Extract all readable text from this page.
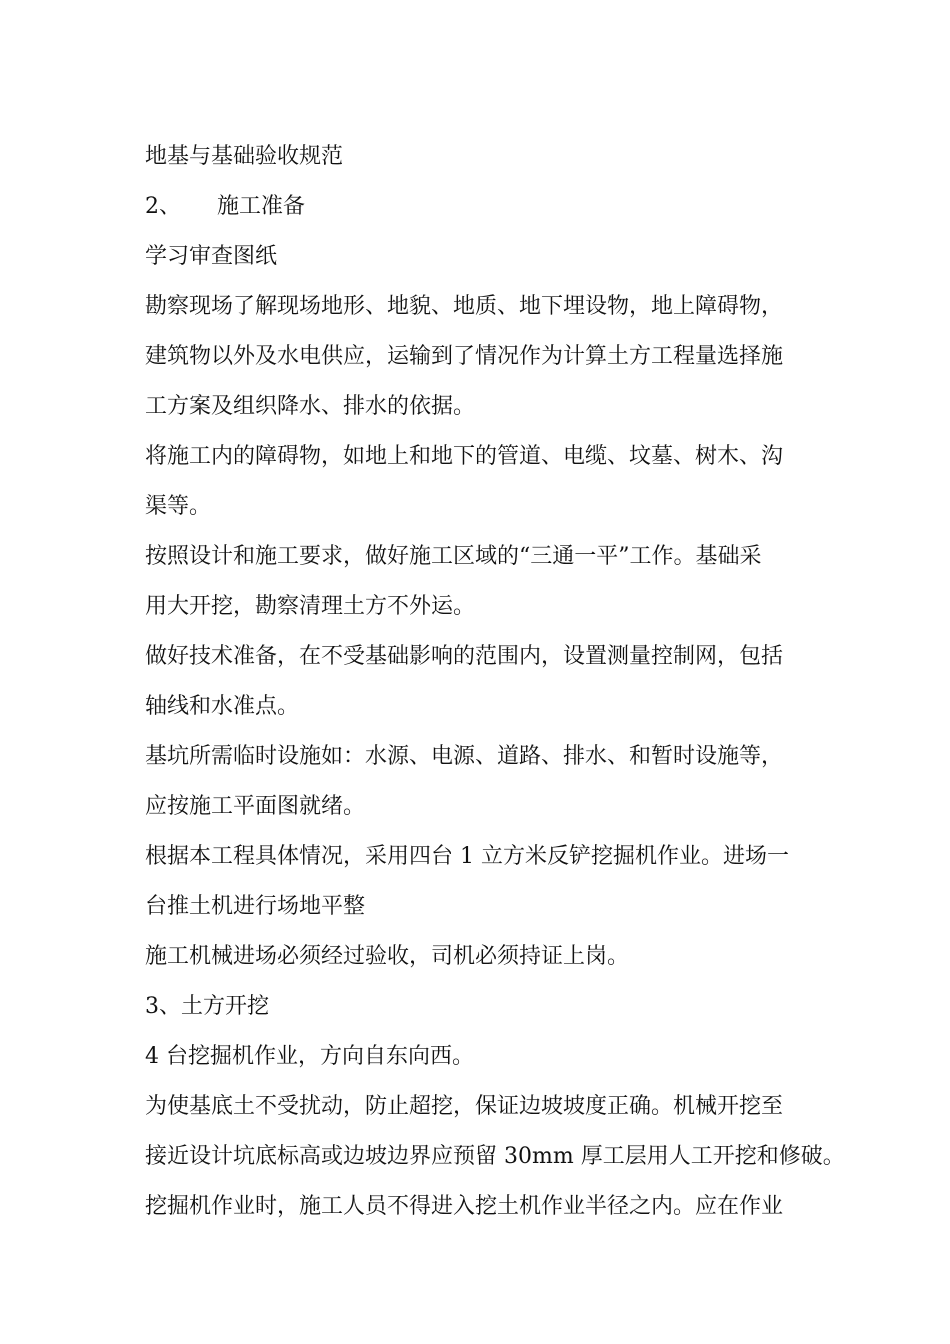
地基与基础验收规范
2、 施工准备
学习审查图纸
勘察现场了解现场地形、地貌、地质、地下埋设物，地上障碍物，
建筑物以外及水电供应，运输到了情况作为计算土方工程量选择施
工方案及组织降水、排水的依据。
将施工内的障碍物，如地上和地下的管道、电缆、坟墓、树木、沟
渠等。
按照设计和施工要求，做好施工区域的“三通一平”工作。基础采
用大开挖，勘察清理土方不外运。
做好技术准备，在不受基础影响的范围内，设置测量控制网，包括
轴线和水准点。
基坑所需临时设施如：水源、电源、道路、排水、和暂时设施等，
应按施工平面图就绪。
根据本工程具体情况，采用四台 1 立方米反铲挖掘机作业。进场一
台推土机进行场地平整
施工机械进场必须经过验收，司机必须持证上岗。
3、土方开挖
4 台挖掘机作业，方向自东向西。
为使基底土不受扰动，防止超挖，保证边坡坡度正确。机械开挖至
接近设计坑底标高或边坡边界应预留 30mm 厚工层用人工开挖和修破。
挖掘机作业时，施工人员不得进入挖土机作业半径之内。应在作业
